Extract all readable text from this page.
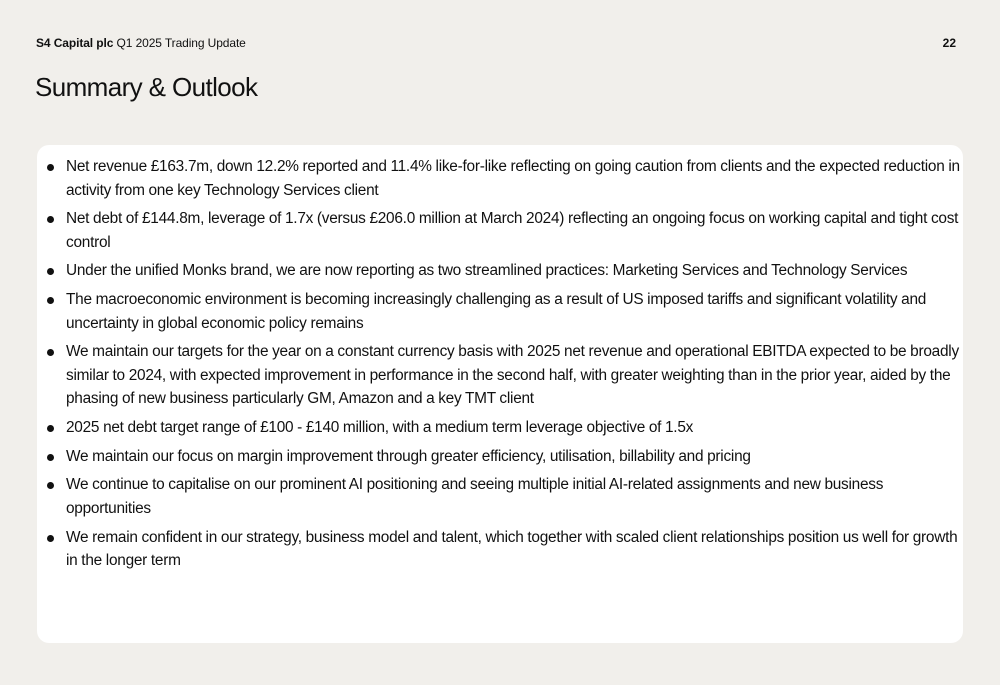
S4 Capital plc Q1 2025 Trading Update	22
Summary & Outlook
Net revenue £163.7m, down 12.2% reported and 11.4% like-for-like reflecting on going caution from clients and the expected reduction in activity from one key Technology Services client
Net debt of £144.8m, leverage of 1.7x (versus £206.0 million at March 2024) reflecting an ongoing focus on working capital and tight cost control
Under the unified Monks brand, we are now reporting as two streamlined practices: Marketing Services and Technology Services
The macroeconomic environment is becoming increasingly challenging as a result of US imposed tariffs and significant volatility and uncertainty in global economic policy remains
We maintain our targets for the year on a constant currency basis with 2025 net revenue and operational EBITDA expected to be broadly similar to 2024, with expected improvement in performance in the second half, with greater weighting than in the prior year, aided by the phasing of new business particularly GM, Amazon and a key TMT client
2025 net debt target range of £100 - £140 million, with a medium term leverage objective of 1.5x
We maintain our focus on margin improvement through greater efficiency, utilisation, billability and pricing
We continue to capitalise on our prominent AI positioning and seeing multiple initial AI-related assignments and new business opportunities
We remain confident in our strategy, business model and talent, which together with scaled client relationships position us well for growth in the longer term
